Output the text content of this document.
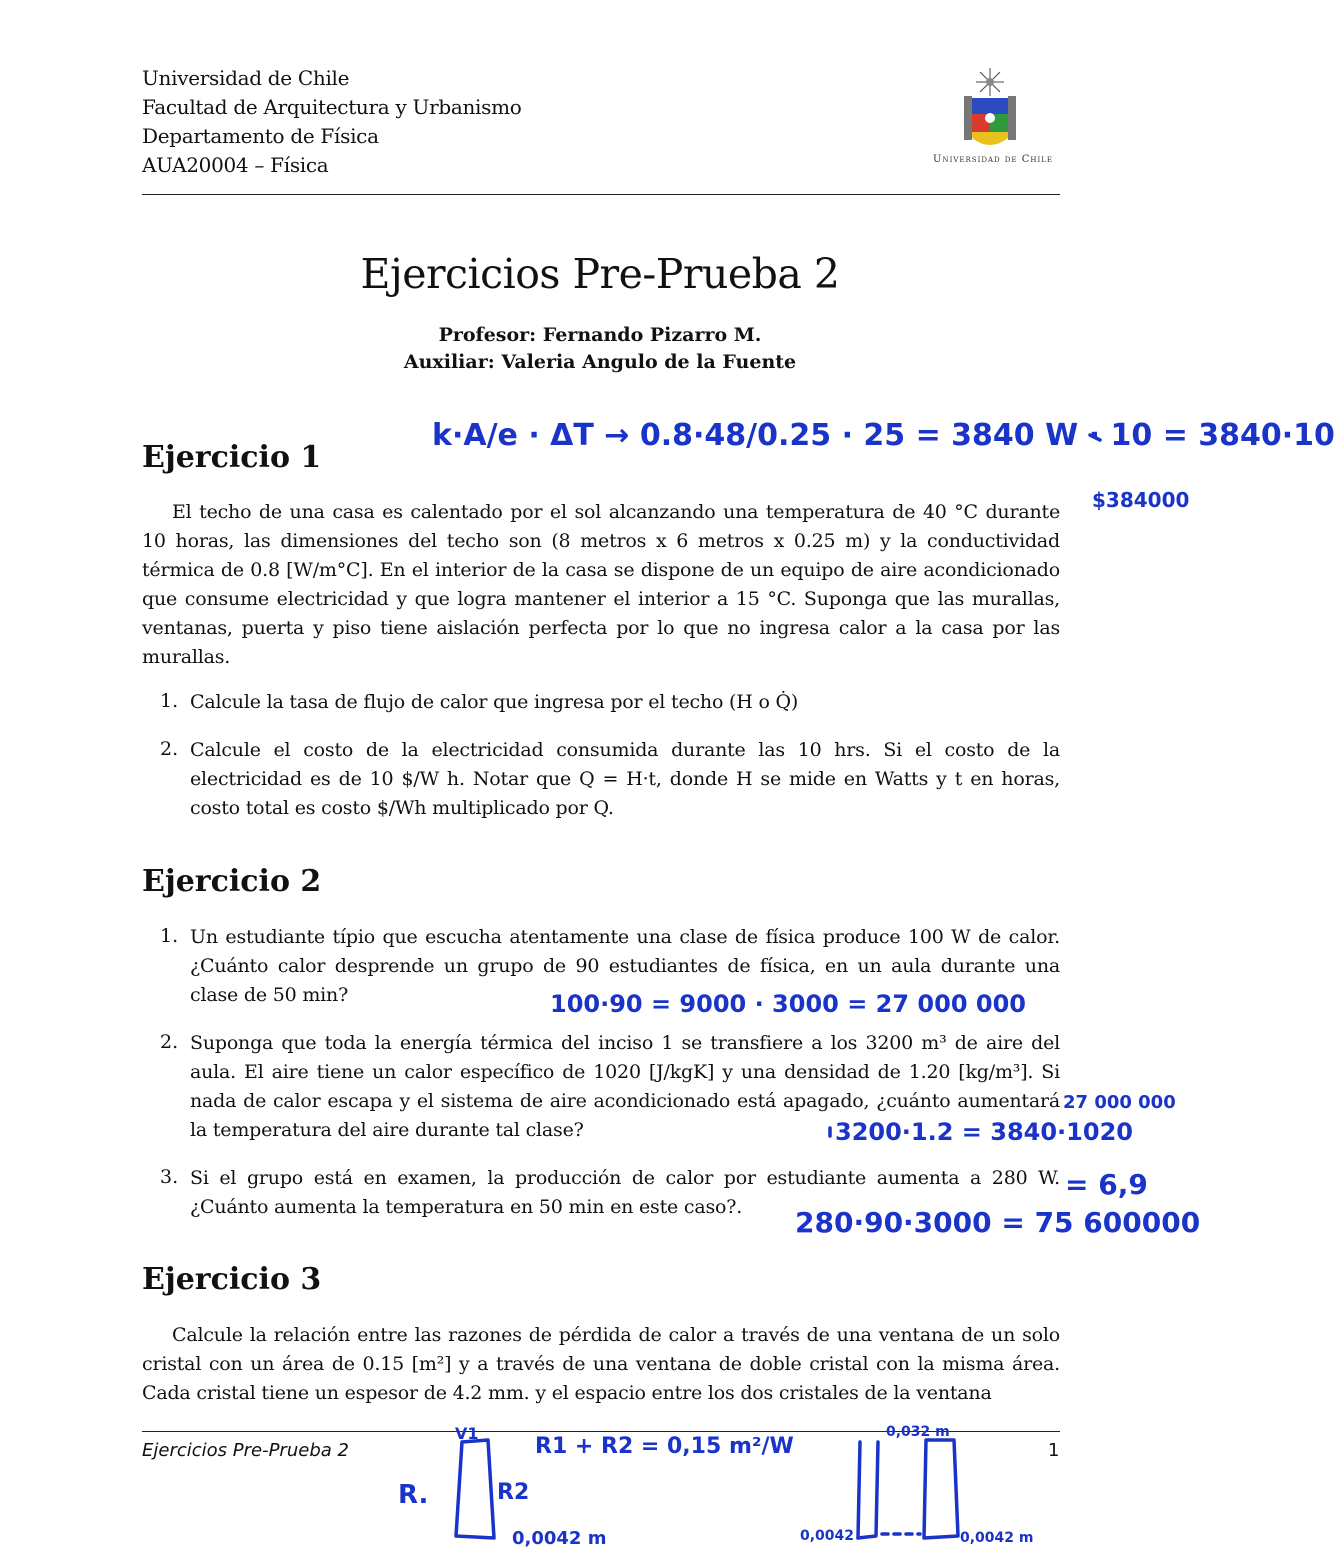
Universidad de Chile
Facultad de Arquitectura y Urbanismo
Departamento de Física
AUA20004 – Física	Universidad de Chile
Ejercicios Pre-Prueba 2
Profesor: Fernando Pizarro M.
Auxiliar: Valeria Angulo de la Fuente
Ejercicio 1
El techo de una casa es calentado por el sol alcanzando una temperatura de 40 °C durante 10 horas, las dimensiones del techo son (8 metros x 6 metros x 0.25 m) y la conductividad térmica de 0.8 [W/m°C]. En el interior de la casa se dispone de un equipo de aire acondicionado que consume electricidad y que logra mantener el interior a 15 °C. Suponga que las murallas, ventanas, puerta y piso tiene aislación perfecta por lo que no ingresa calor a la casa por las murallas.
1. Calcule la tasa de flujo de calor que ingresa por el techo (H o Q̇)
2. Calcule el costo de la electricidad consumida durante las 10 hrs. Si el costo de la electricidad es de 10 $/W h. Notar que Q = H·t, donde H se mide en Watts y t en horas, costo total es costo $/Wh multiplicado por Q.
Ejercicio 2
1. Un estudiante típio que escucha atentamente una clase de física produce 100 W de calor. ¿Cuánto calor desprende un grupo de 90 estudiantes de física, en un aula durante una clase de 50 min?
2. Suponga que toda la energía térmica del inciso 1 se transfiere a los 3200 m³ de aire del aula. El aire tiene un calor específico de 1020 [J/kgK] y una densidad de 1.20 [kg/m³]. Si nada de calor escapa y el sistema de aire acondicionado está apagado, ¿cuánto aumentará la temperatura del aire durante tal clase?
3. Si el grupo está en examen, la producción de calor por estudiante aumenta a 280 W. ¿Cuánto aumenta la temperatura en 50 min en este caso?.
Ejercicio 3
Calcule la relación entre las razones de pérdida de calor a través de una ventana de un solo cristal con un área de 0.15 [m²] y a través de una ventana de doble cristal con la misma área. Cada cristal tiene un espesor de 4.2 mm. y el espacio entre los dos cristales de la ventana
Ejercicios Pre-Prueba 2	1
k·A/e · ΔT → 0.8·48/0.25 · 25 = 3840 W · 10 = 3840·10
$384000
100·90 = 9000 · 3000 = 27 000 000
27 000 000
3200·1.2 = 3840·1020
= 6,9
280·90·3000 = 75 600000
R1 + R2 = 0,15 m²/W
R.	R2
V1
0,0042 m
0,032 m
0,0042	0,0042 m
